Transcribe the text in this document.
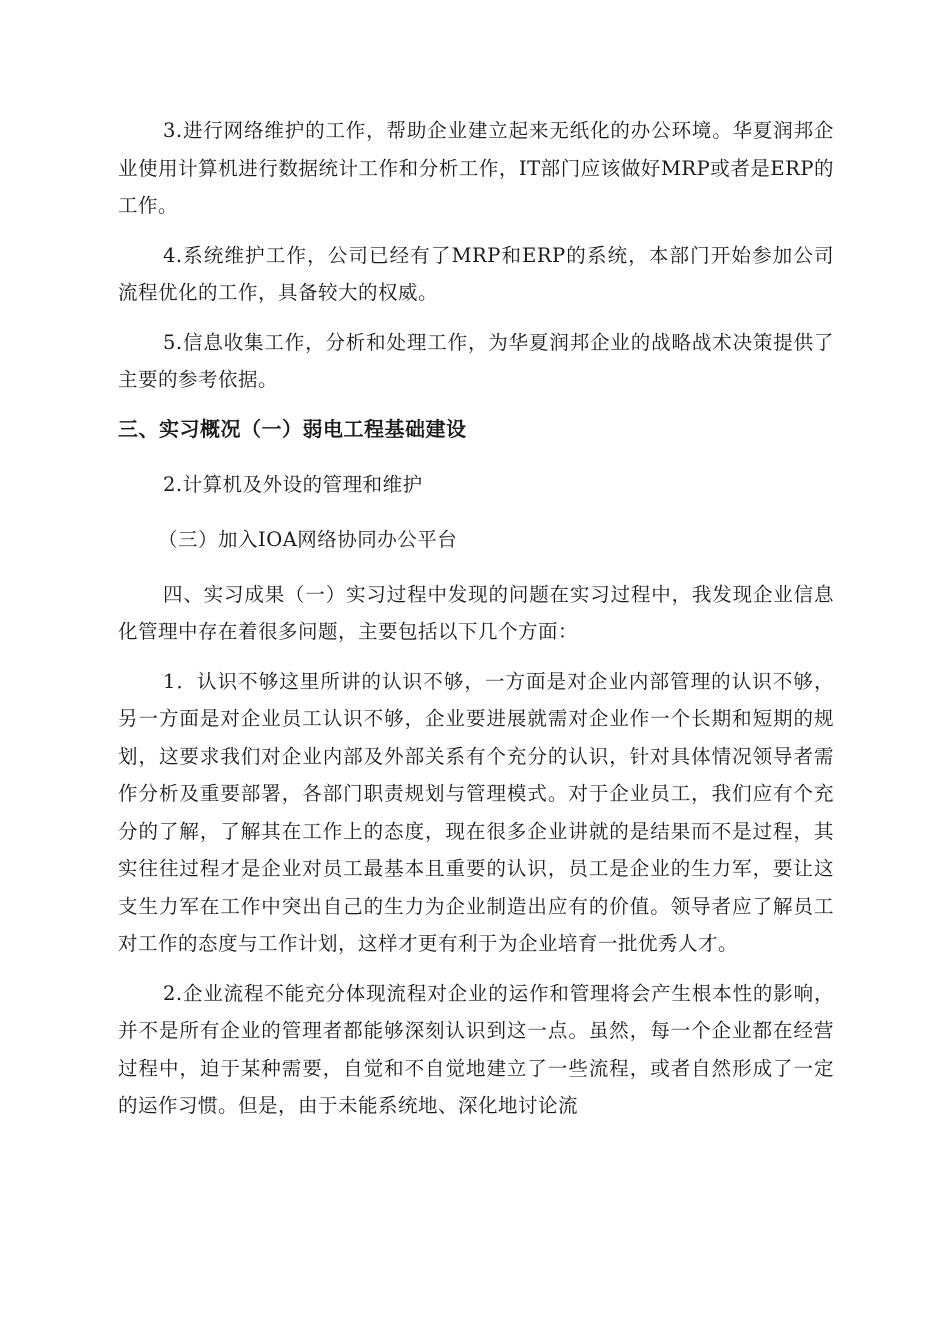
3.进行网络维护的工作，帮助企业建立起来无纸化的办公环境。华夏润邦企业使用计算机进行数据统计工作和分析工作，IT部门应该做好MRP或者是ERP的工作。

4.系统维护工作，公司已经有了MRP和ERP的系统，本部门开始参加公司流程优化的工作，具备较大的权威。

5.信息收集工作，分析和处理工作，为华夏润邦企业的战略战术决策提供了主要的参考依据。

三、实习概况（一）弱电工程基础建设

2.计算机及外设的管理和维护

（三）加入IOA网络协同办公平台

四、实习成果（一）实习过程中发现的问题在实习过程中，我发现企业信息化管理中存在着很多问题，主要包括以下几个方面：

1．认识不够这里所讲的认识不够，一方面是对企业内部管理的认识不够，另一方面是对企业员工认识不够，企业要进展就需对企业作一个长期和短期的规划，这要求我们对企业内部及外部关系有个充分的认识，针对具体情况领导者需作分析及重要部署，各部门职责规划与管理模式。对于企业员工，我们应有个充分的了解，了解其在工作上的态度，现在很多企业讲就的是结果而不是过程，其实往往过程才是企业对员工最基本且重要的认识，员工是企业的生力军，要让这支生力军在工作中突出自己的生力为企业制造出应有的价值。领导者应了解员工对工作的态度与工作计划，这样才更有利于为企业培育一批优秀人才。

2.企业流程不能充分体现流程对企业的运作和管理将会产生根本性的影响，并不是所有企业的管理者都能够深刻认识到这一点。虽然，每一个企业都在经营过程中，迫于某种需要，自觉和不自觉地建立了一些流程，或者自然形成了一定的运作习惯。但是，由于未能系统地、深化地讨论流
